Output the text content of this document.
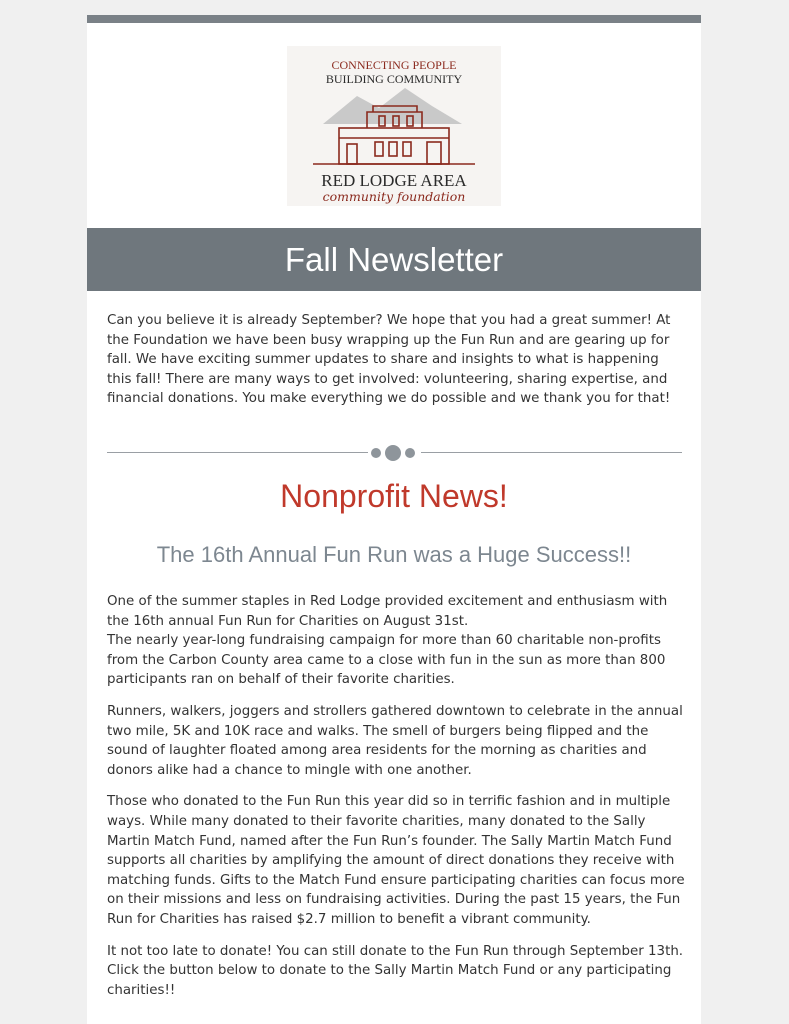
CONNECTING PEOPLE
BUILDING COMMUNITY
RED LODGE AREA
community foundation
Fall Newsletter

Can you believe it is already September? We hope that you had a great summer! At the Foundation we have been busy wrapping up the Fun Run and are gearing up for fall. We have exciting summer updates to share and insights to what is happening this fall! There are many ways to get involved: volunteering, sharing expertise, and financial donations. You make everything we do possible and we thank you for that!

Nonprofit News!
The 16th Annual Fun Run was a Huge Success!!

One of the summer staples in Red Lodge provided excitement and enthusiasm with the 16th annual Fun Run for Charities on August 31st.
The nearly year-long fundraising campaign for more than 60 charitable non-profits from the Carbon County area came to a close with fun in the sun as more than 800 participants ran on behalf of their favorite charities.

Runners, walkers, joggers and strollers gathered downtown to celebrate in the annual two mile, 5K and 10K race and walks. The smell of burgers being flipped and the sound of laughter floated among area residents for the morning as charities and donors alike had a chance to mingle with one another.

Those who donated to the Fun Run this year did so in terrific fashion and in multiple ways. While many donated to their favorite charities, many donated to the Sally Martin Match Fund, named after the Fun Run’s founder. The Sally Martin Match Fund supports all charities by amplifying the amount of direct donations they receive with matching funds. Gifts to the Match Fund ensure participating charities can focus more on their missions and less on fundraising activities. During the past 15 years, the Fun Run for Charities has raised $2.7 million to benefit a vibrant community.

It not too late to donate! You can still donate to the Fun Run through September 13th. Click the button below to donate to the Sally Martin Match Fund or any participating charities!!
